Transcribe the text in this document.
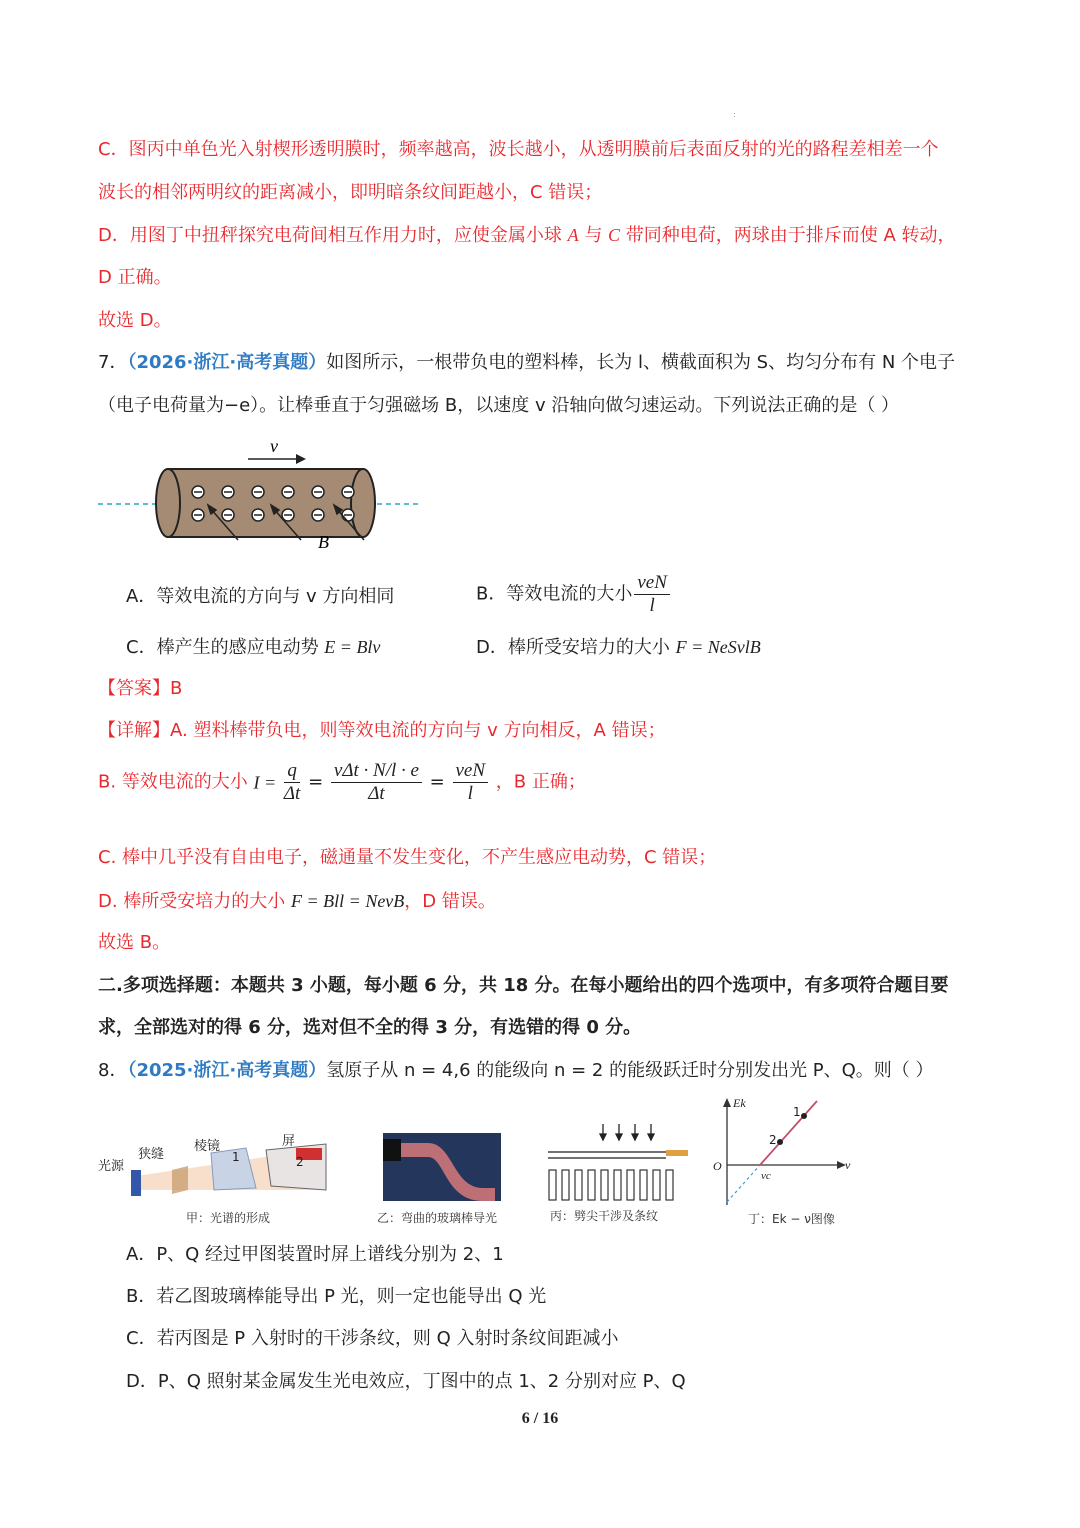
:
C．图丙中单色光入射楔形透明膜时，频率越高，波长越小，从透明膜前后表面反射的光的路程差相差一个
波长的相邻两明纹的距离减小，即明暗条纹间距越小，C 错误；
D．用图丁中扭秤探究电荷间相互作用力时，应使金属小球 A 与 C 带同种电荷，两球由于排斥而使 A 转动，
D 正确。
故选 D。
7．（2026·浙江·高考真题）如图所示，一根带负电的塑料棒，长为 l、横截面积为 S、均匀分布有 N 个电子
（电子电荷量为−e）。让棒垂直于匀强磁场 B，以速度 v 沿轴向做匀速运动。下列说法正确的是（ ）
v
B
A．等效电流的方向与 v 方向相同	B．等效电流的大小 $\frac{\text{veN}}{l}$
C．棒产生的感应电动势 E = Blv	D．棒所受安培力的大小 F = NeSvlB
【答案】B
【详解】A. 塑料棒带负电，则等效电流的方向与 v 方向相反，A 错误；
B. 等效电流的大小 $I = \frac{q}{\Delta t} = \frac{\text{vΔt · N/l · e}}{\Delta t} = \frac{\text{veN}}{l}$ ，B 正确；
C. 棒中几乎没有自由电子，磁通量不发生变化，不产生感应电动势，C 错误；
D. 棒所受安培力的大小 F = Bll = NevB，D 错误。
故选 B。
二.多项选择题：本题共 3 小题，每小题 6 分，共 18 分。在每小题给出的四个选项中，有多项符合题目要
求，全部选对的得 6 分，选对但不全的得 3 分，有选错的得 0 分。
8．（2025·浙江·高考真题）氢原子从 n = 4,6 的能级向 n = 2 的能级跃迁时分别发出光 P、Q。则（ ）
光源
狭缝
棱镜	屏
1	2
甲：光谱的形成	乙：弯曲的玻璃棒导光	丙：劈尖干涉及条纹
Ek
O	ν
νc
1
2
丁：Ek − ν图像
A．P、Q 经过甲图装置时屏上谱线分别为 2、1
B．若乙图玻璃棒能导出 P 光，则一定也能导出 Q 光
C．若丙图是 P 入射时的干涉条纹，则 Q 入射时条纹间距减小
D．P、Q 照射某金属发生光电效应，丁图中的点 1、2 分别对应 P、Q
6 / 16
